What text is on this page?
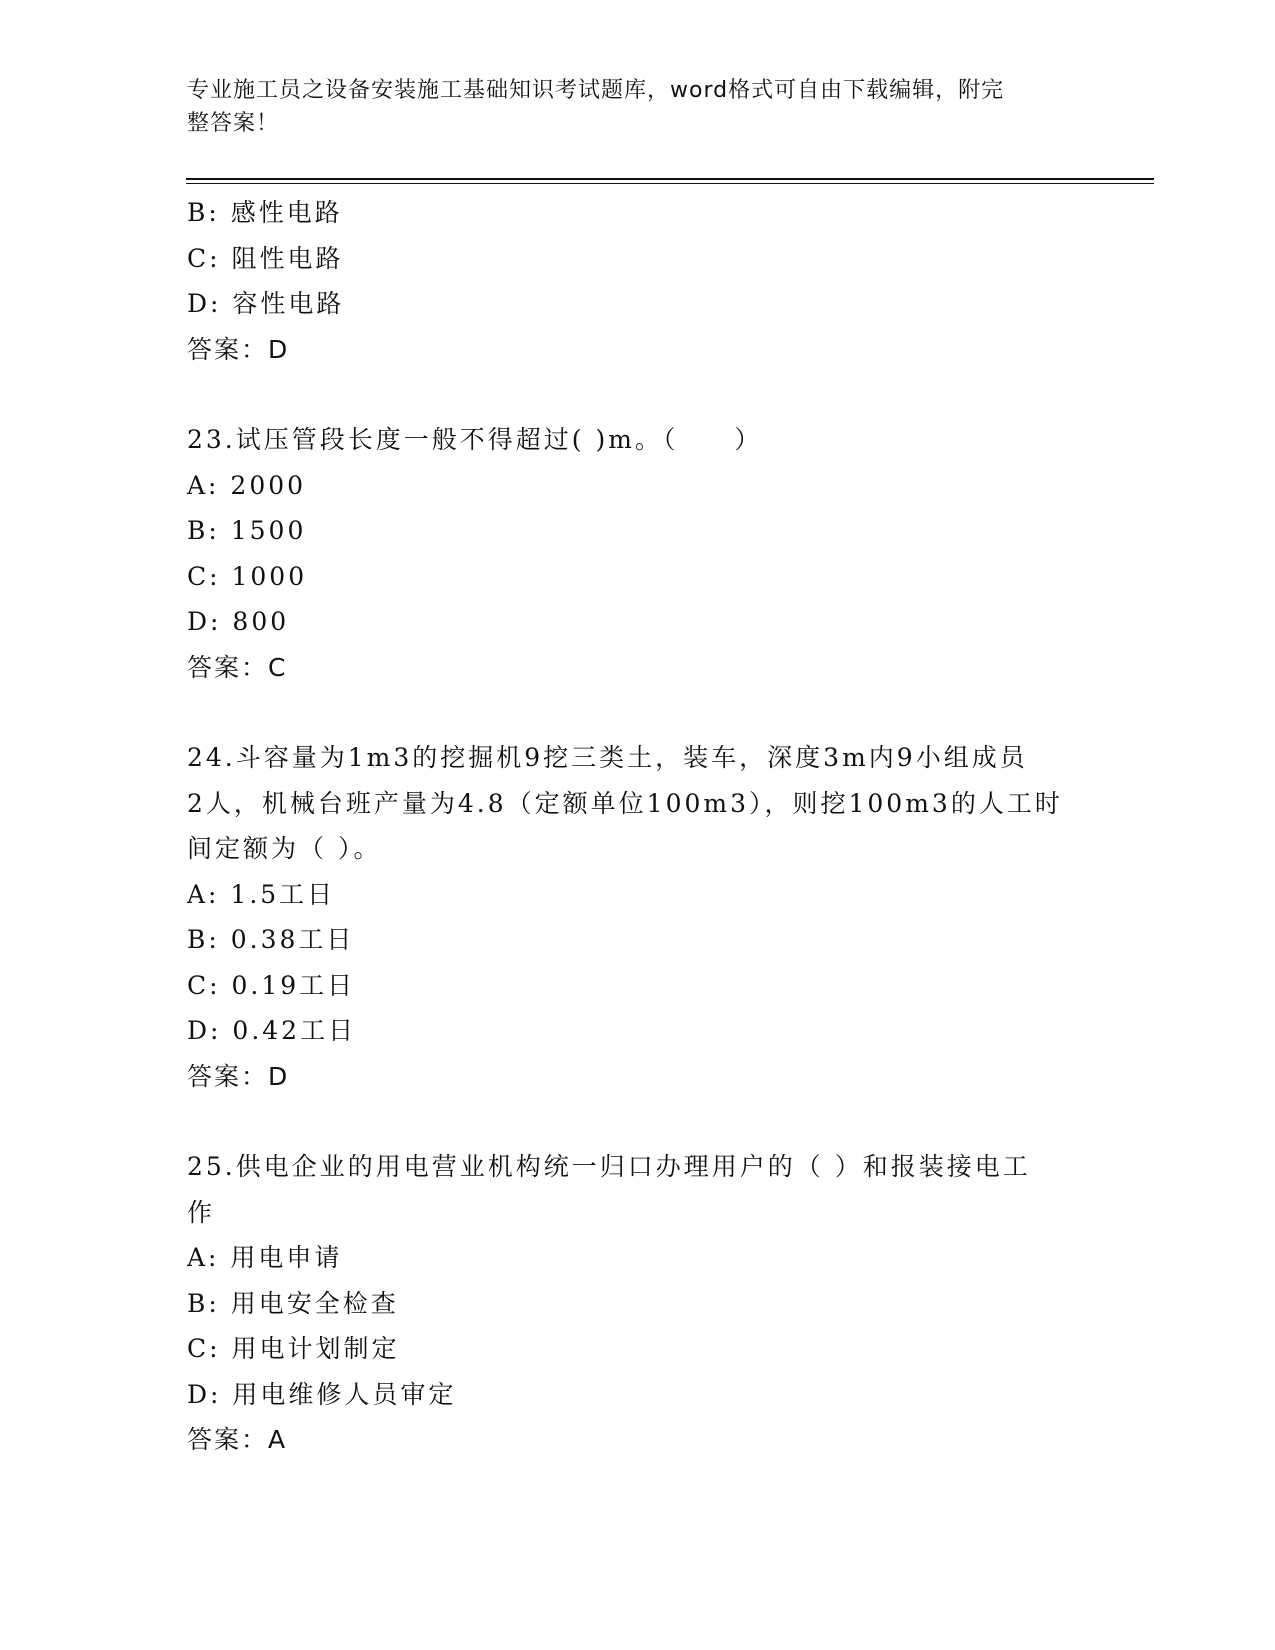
专业施工员之设备安装施工基础知识考试题库，word格式可自由下载编辑，附完
整答案！
B: 感性电路
C: 阻性电路
D: 容性电路
答案：D
23.试压管段长度一般不得超过( )m。（　　）
A: 2000
B: 1500
C: 1000
D: 800
答案：C
24.斗容量为1m3的挖掘机9挖三类土，装车，深度3m内9小组成员
2人，机械台班产量为4.8（定额单位100m3），则挖100m3的人工时
间定额为（ ）。
A: 1.5工日
B: 0.38工日
C: 0.19工日
D: 0.42工日
答案：D
25.供电企业的用电营业机构统一归口办理用户的（ ）和报装接电工
作
A: 用电申请
B: 用电安全检查
C: 用电计划制定
D: 用电维修人员审定
答案：A
